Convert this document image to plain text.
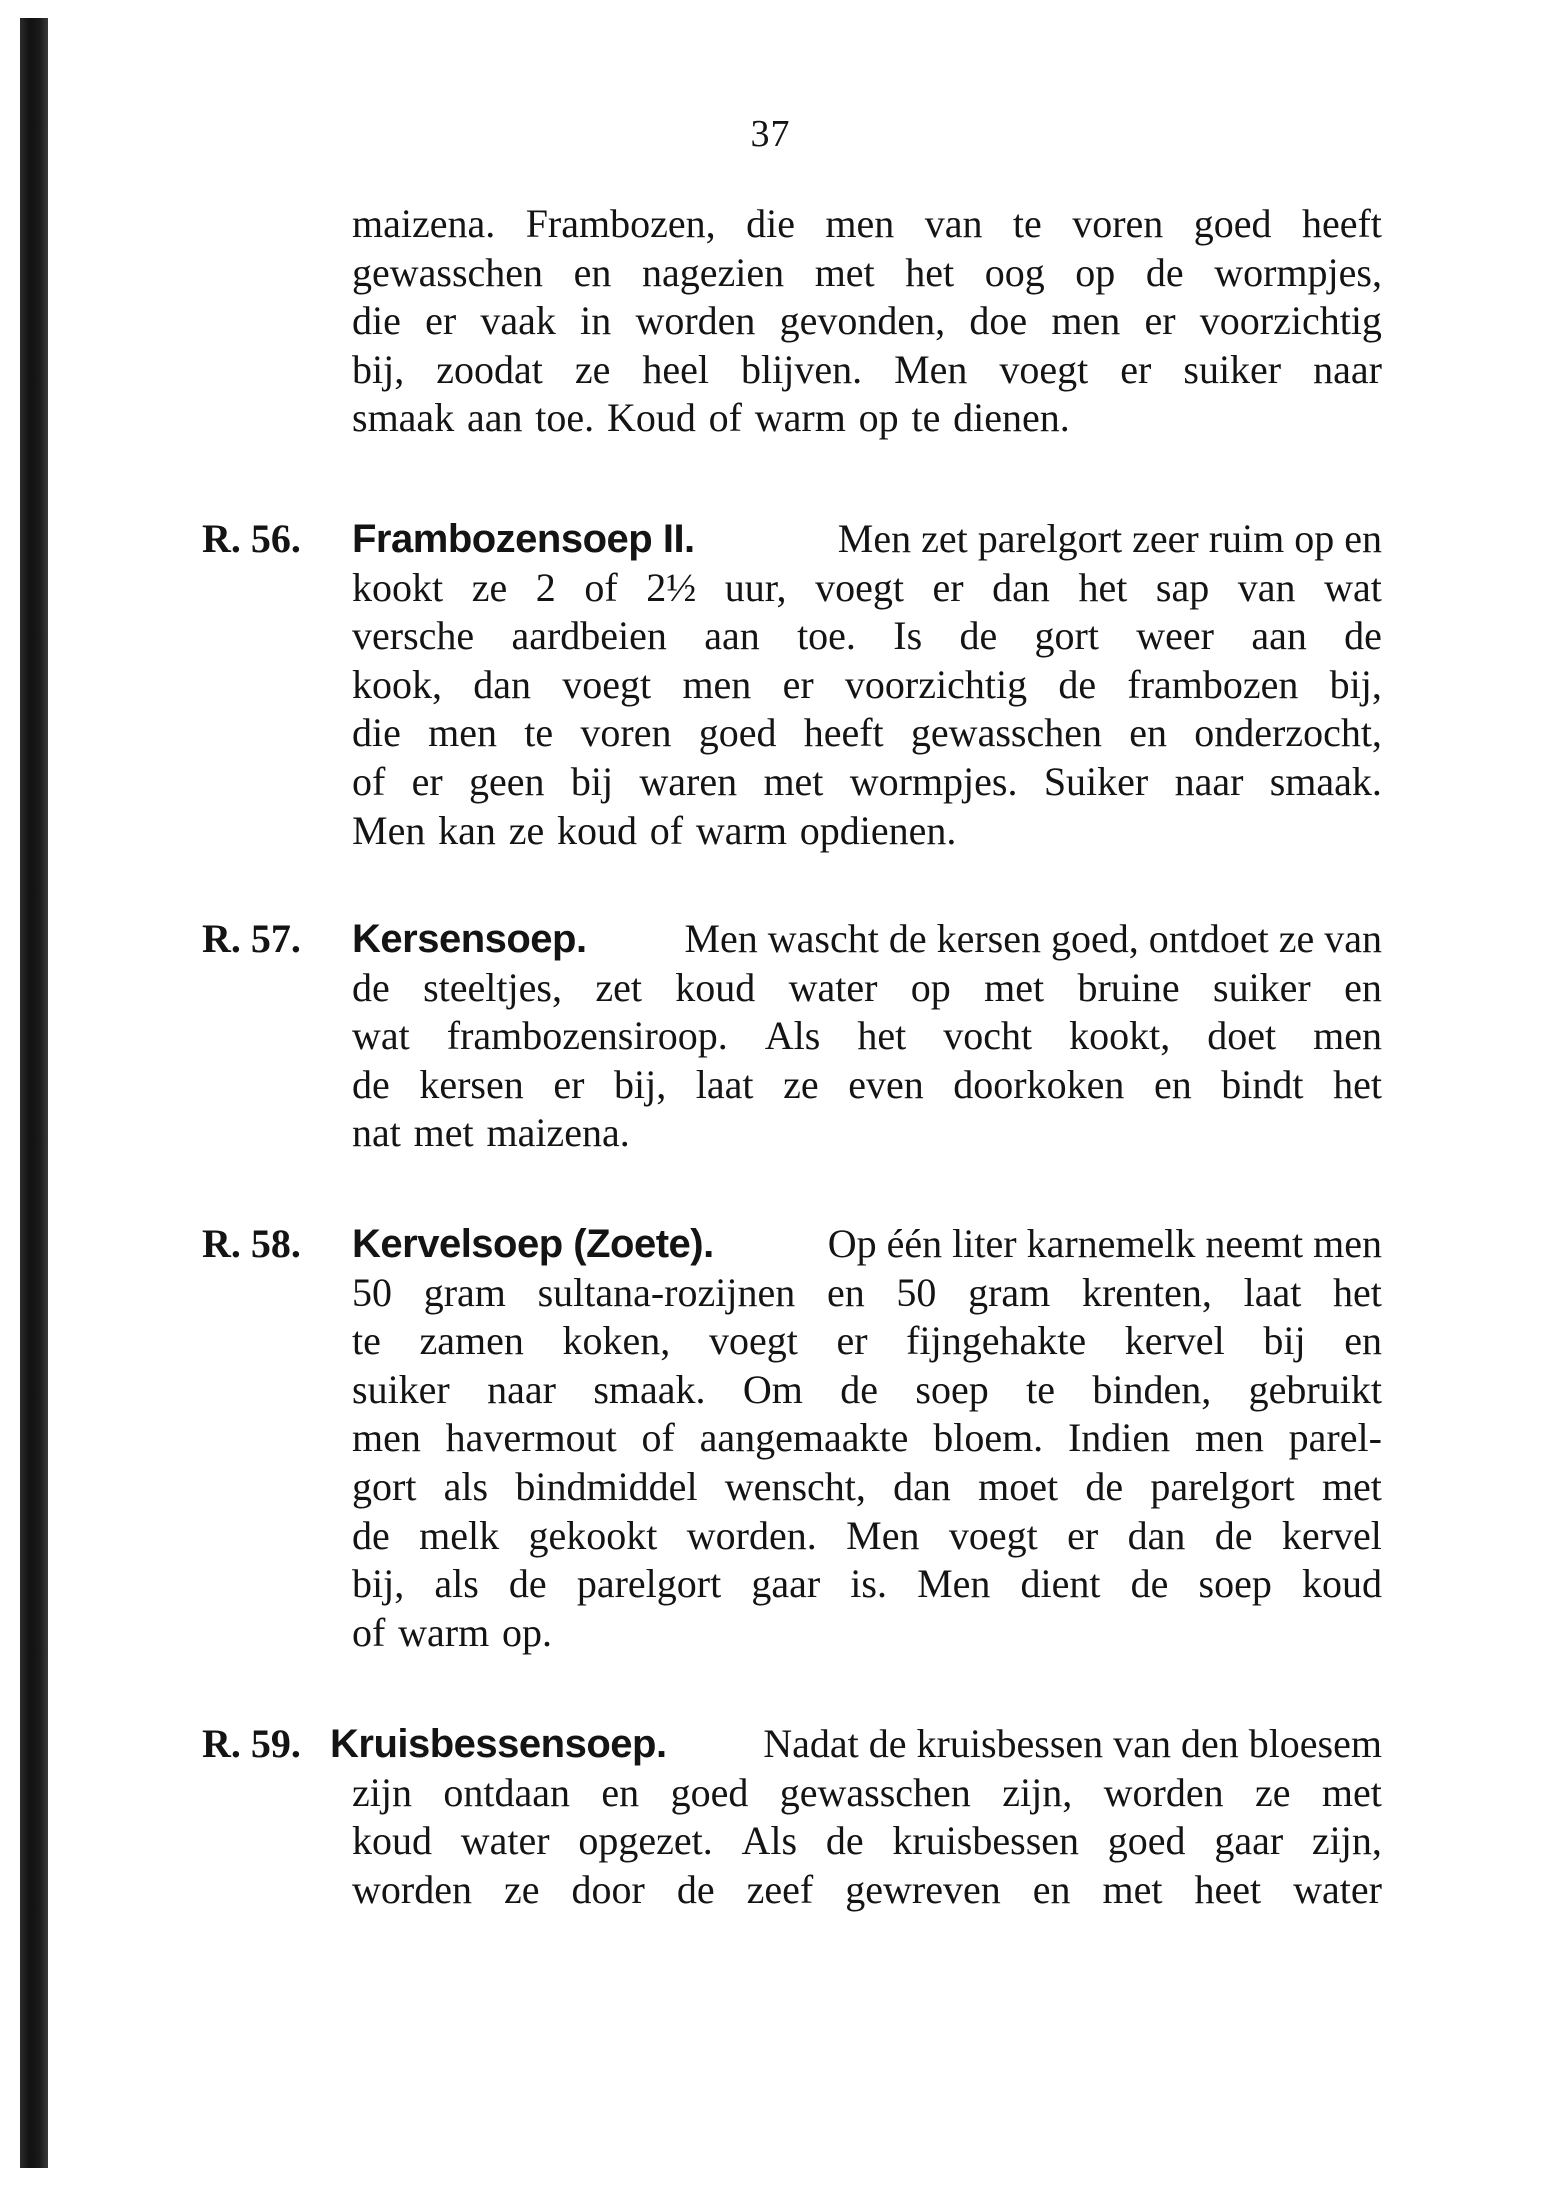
37
maizena. Frambozen, die men van te voren goed heeft
gewasschen en nagezien met het oog op de wormpjes,
die er vaak in worden gevonden, doe men er voorzichtig
bij, zoodat ze heel blijven. Men voegt er suiker naar
smaak aan toe. Koud of warm op te dienen.
R. 56. Frambozensoep II.	Men zet parelgort zeer ruim op en
kookt ze 2 of 2½ uur, voegt er dan het sap van wat
versche aardbeien aan toe. Is de gort weer aan de
kook, dan voegt men er voorzichtig de frambozen bij,
die men te voren goed heeft gewasschen en onderzocht,
of er geen bij waren met wormpjes. Suiker naar smaak.
Men kan ze koud of warm opdienen.
R. 57. Kersensoep. Men wascht de kersen goed, ontdoet ze van
de steeltjes, zet koud water op met bruine suiker en
wat frambozensiroop. Als het vocht kookt, doet men
de kersen er bij, laat ze even doorkoken en bindt het
nat met maizena.
R. 58. Kervelsoep (Zoete).	Op één liter karnemelk neemt men
50 gram sultana-rozijnen en 50 gram krenten, laat het
te zamen koken, voegt er fijngehakte kervel bij en
suiker naar smaak. Om de soep te binden, gebruikt
men havermout of aangemaakte bloem. Indien men parel-
gort als bindmiddel wenscht, dan moet de parelgort met
de melk gekookt worden. Men voegt er dan de kervel
bij, als de parelgort gaar is. Men dient de soep koud
of warm op.
R. 59. Kruisbessensoep. Nadat de kruisbessen van den bloesem
zijn ontdaan en goed gewasschen zijn, worden ze met
koud water opgezet. Als de kruisbessen goed gaar zijn,
worden ze door de zeef gewreven en met heet water
